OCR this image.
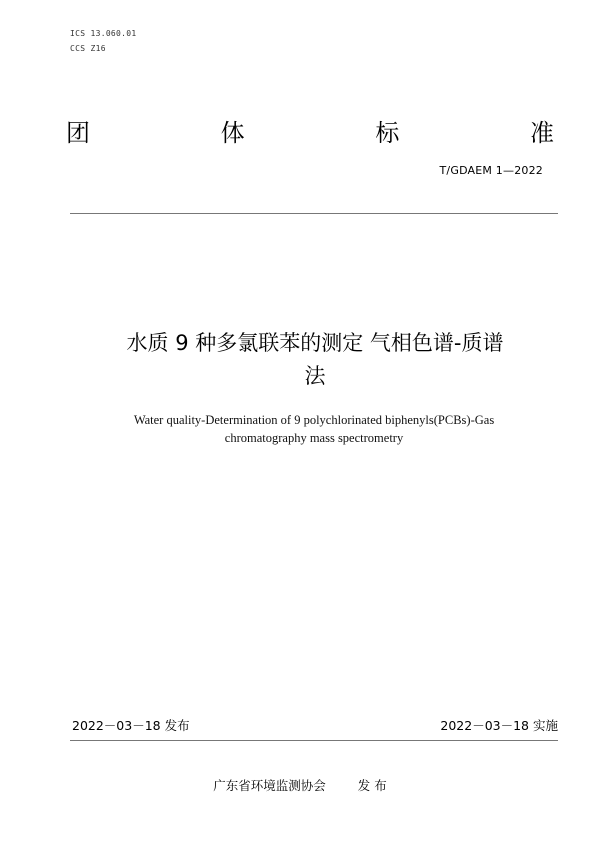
ICS 13.060.01
CCS Z16
团	体	标	准
T/GDAEM 1—2022
水质 9 种多氯联苯的测定 气相色谱-质谱
法
Water quality-Determination of 9 polychlorinated biphenyls(PCBs)-Gas
chromatography mass spectrometry
2022－03－18 发布	2022－03－18 实施
广东省环境监测协会	发 布
